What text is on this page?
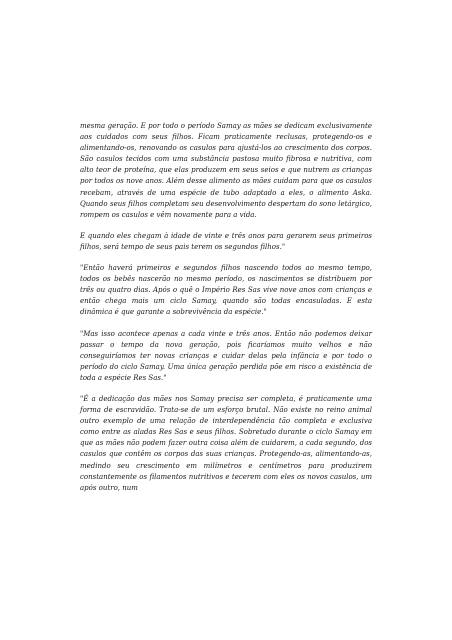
mesma geração. E por todo o período Samay as mães se dedicam exclusivamente aos cuidados com seus filhos. Ficam praticamente reclusas, protegendo-os e alimentando-os, renovando os casulos para ajustá-los ao crescimento dos corpos. São casulos tecidos com uma substância pastosa muito fibrosa e nutritiva, com alto teor de proteína, que elas produzem em seus seios e que nutrem as crianças por todos os nove anos. Além desse alimento as mães cuidam para que os casulos recebam, através de uma espécie de tubo adaptado a eles, o alimento Aska. Quando seus filhos completam seu desenvolvimento despertam do sono letárgico, rompem os casulos e vêm novamente para a vida.

E quando eles chegam à idade de vinte e três anos para gerarem seus primeiros filhos, será tempo de seus pais terem os segundos filhos."

"Então haverá primeiros e segundos filhos nascendo todos ao mesmo tempo, todos os bebês nascerão no mesmo período, os nascimentos se distribuem por três ou quatro dias. Após o quê o Império Res Sas vive nove anos com crianças e então chega mais um ciclo Samay, quando são todas encasuladas. E esta dinâmica é que garante a sobrevivência da espécie."

"Mas isso acontece apenas a cada vinte e três anos. Então não podemos deixar passar o tempo da nova geração, pois ficaríamos muito velhos e não conseguiríamos ter novas crianças e cuidar delas pela infância e por todo o período do ciclo Samay. Uma única geração perdida põe em risco a existência de toda a espécie Res Sas."

"É a dedicação das mães nos Samay precisa ser completa, é praticamente uma forma de escravidão. Trata-se de um esforço brutal. Não existe no reino animal outro exemplo de uma relação de interdependência tão completa e exclusiva como entre as aladas Res Sas e seus filhos. Sobretudo durante o ciclo Samay em que as mães não podem fazer outra coisa além de cuidarem, a cada segundo, dos casulos que contêm os corpos das suas crianças. Protegendo-as, alimentando-as, medindo seu crescimento em milímetros e centímetros para produzirem constantemente os filamentos nutritivos e tecerem com eles os novos casulos, um após outro, num
